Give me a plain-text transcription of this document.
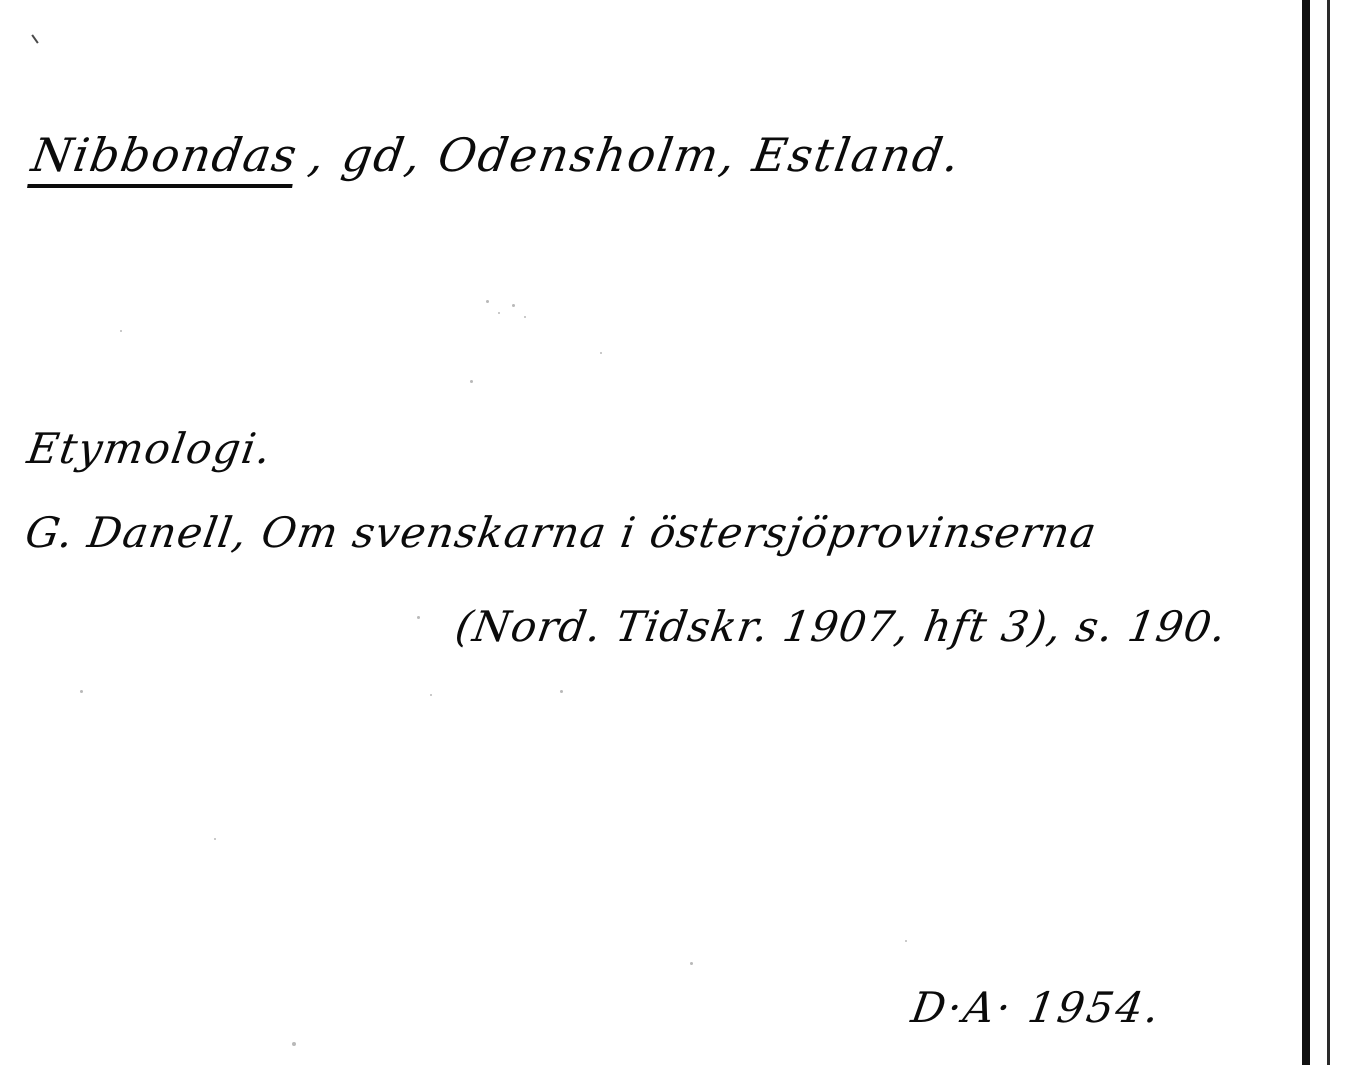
Nibbondas, gd, Odensholm, Estland.
Etymologi.
G. Danell, Om svenskarna i östersjöprovinserna
(Nord. Tidskr. 1907, hft 3), s. 190.
D·A· 1954.
